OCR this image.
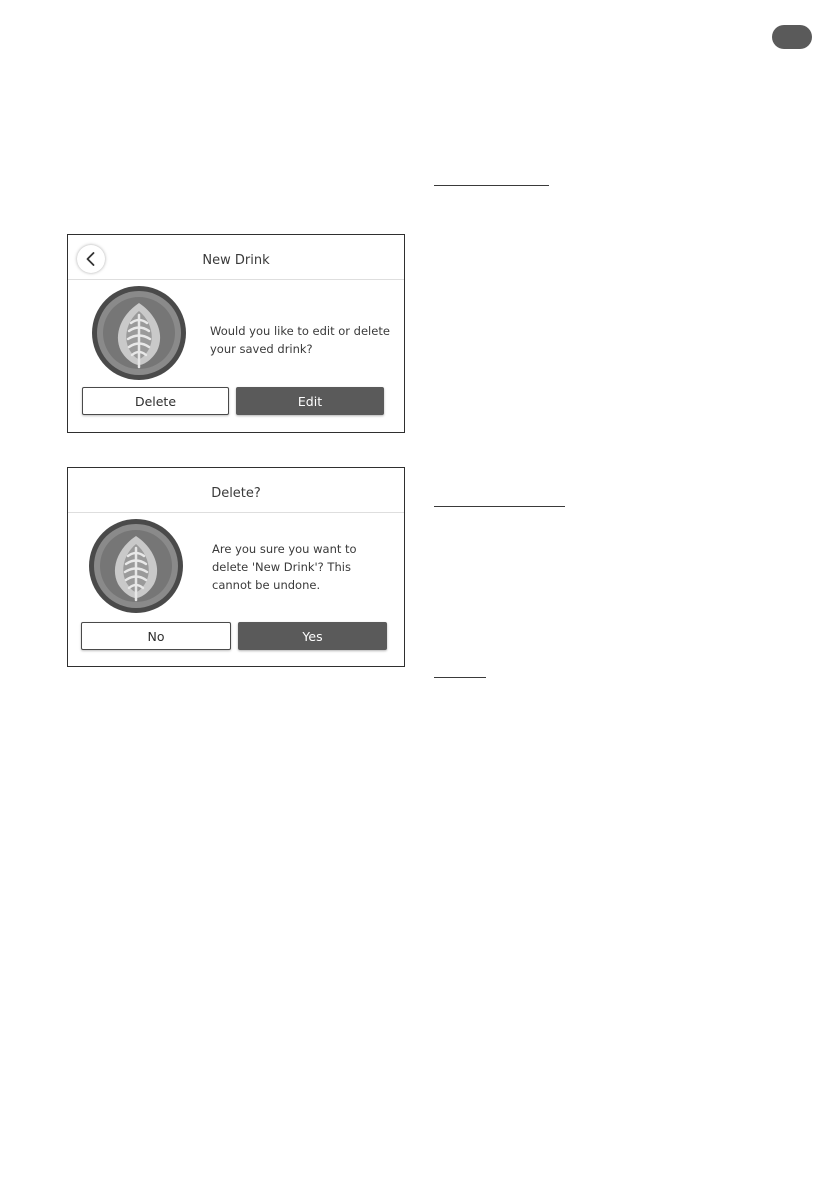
New Drink
Would you like to edit or delete
your saved drink?
Delete	Edit
Delete?
Are you sure you want to
delete 'New Drink'? This
cannot be undone.
No	Yes
